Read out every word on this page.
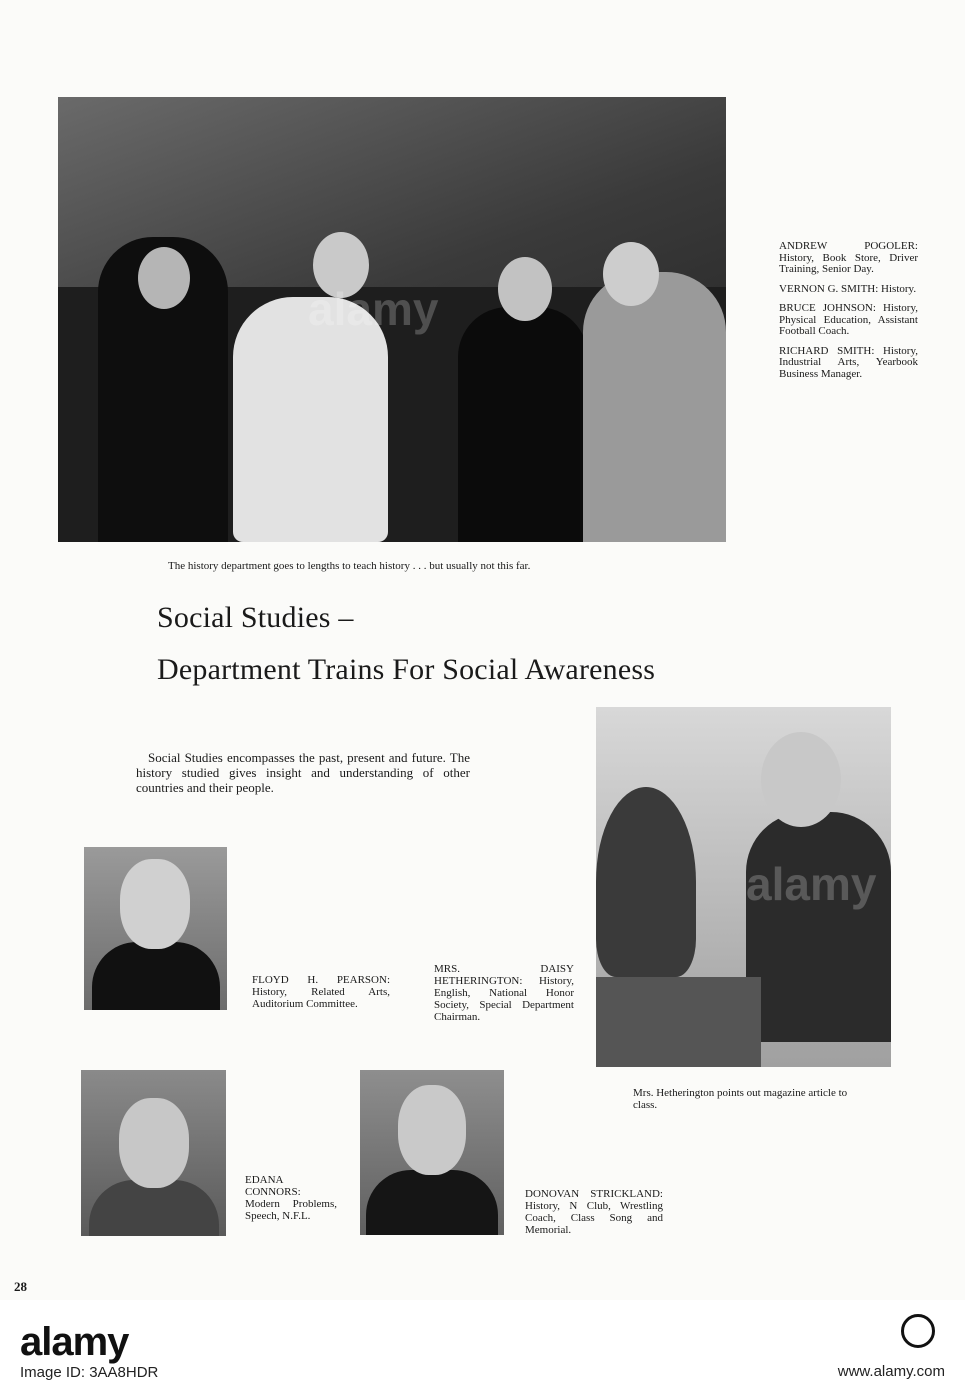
alamy
The history department goes to lengths to teach history . . . but usually not this far.

ANDREW POGOLER: History, Book Store, Driver Training, Senior Day.

VERNON G. SMITH: History.

BRUCE JOHNSON: History, Physical Education, Assistant Football Coach.

RICHARD SMITH: History, Industrial Arts, Yearbook Business Manager.

Social Studies –
Department Trains For Social Awareness
Social Studies encompasses the past, present and future. The history studied gives insight and understanding of other countries and their people.
alamy
FLOYD H. PEARSON: History, Related Arts, Auditorium Committee.
MRS. DAISY HETHERINGTON: History, English, National Honor Society, Special Department Chairman.
Mrs. Hetherington points out magazine article to class.
EDANA CONNORS: Modern Problems, Speech, N.F.L.
DONOVAN STRICKLAND: History, N Club, Wrestling Coach, Class Song and Memorial.
28
alamy
Image ID: 3AA8HDR	www.alamy.com
